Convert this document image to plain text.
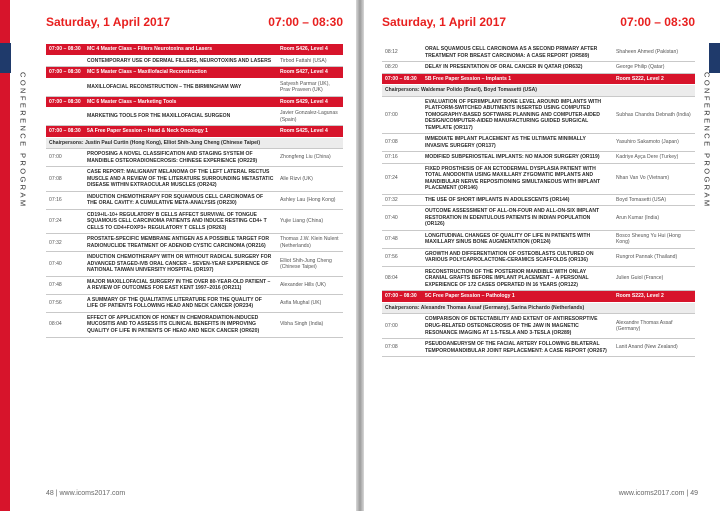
CONFERENCE PROGRAM
Saturday, 1 April 2017	07:00 – 08:30
07:00 – 08:30	MC 4 Master Class – Fillers Neurotoxins and Lasers	Room S426, Level 4
	CONTEMPORARY USE OF DERMAL FILLERS, NEUROTOXINS AND LASERS	Tirbod Fattahi (USA)
07:00 – 08:30	MC 5 Master Class – Maxillofacial Reconstruction	Room S427, Level 4
	MAXILLOFACIAL RECONSTRUCTION – THE BIRMINGHAM WAY	Satyesh Parmar (UK), Prav Praveen (UK)
07:00 – 08:30	MC 6 Master Class – Marketing Tools	Room S429, Level 4
	MARKETING TOOLS FOR THE MAXILLOFACIAL SURGEON	Javier Gonzalez-Lagunas (Spain)
07:00 – 08:30	5A Free Paper Session – Head & Neck Oncology 1	Room S425, Level 4
Chairpersons: Justin Paul Curtin (Hong Kong), Elliot Shih-Jung Cheng (Chinese Taipei)		
07:00	PROPOSING A NOVEL CLASSIFICATION AND STAGING SYSTEM OF MANDIBLE OSTEORADIONECROSIS: CHINESE EXPERIENCE (OR229)	Zhongfeng Liu (China)
07:08	CASE REPORT: MALIGNANT MELANOMA OF THE LEFT LATERAL RECTUS MUSCLE AND A REVIEW OF THE LITERATURE SURROUNDING METASTATIC DISEASE WITHIN EXTRAOCULAR MUSCLES (OR242)	Alle Rizvi (UK)
07:16	INDUCTION CHEMOTHERAPY FOR SQUAMOUS CELL CARCINOMAS OF THE ORAL CAVITY: A CUMULATIVE META-ANALYSIS (OR230)	Ashley Lau (Hong Kong)
07:24	CD19+IL-10+ REGULATORY B CELLS AFFECT SURVIVAL OF TONGUE SQUAMOUS CELL CARCINOMA PATIENTS AND INDUCE RESTING CD4+ T CELLS TO CD4+FOXP3+ REGULATORY T CELLS (OR263)	Yujie Liang (China)
07:32	PROSTATE-SPECIFIC MEMBRANE ANTIGEN AS A POSSIBLE TARGET FOR RADIONUCLIDE TREATMENT OF ADENOID CYSTIC CARCINOMA (OR216)	Thomas J.W. Klein Nulent (Netherlands)
07:40	INDUCTION CHEMOTHERAPY WITH OR WITHOUT RADICAL SURGERY FOR ADVANCED STAGED-IVB ORAL CANCER – SEVEN-YEAR EXPERIENCE OF NATIONAL TAIWAN UNIVERSITY HOSPITAL (OR197)	Elliot Shih-Jung Cheng (Chinese Taipei)
07:48	MAJOR MAXILLOFACIAL SURGERY IN THE OVER 80-YEAR-OLD PATIENT – A REVIEW OF OUTCOMES FOR EAST KENT 1997–2016 (OR211)	Alexander Hills (UK)
07:56	A SUMMARY OF THE QUALITATIVE LITERATURE FOR THE QUALITY OF LIFE OF PATIENTS FOLLOWING HEAD AND NECK CANCER (OR234)	Asfia Mughal (UK)
08:04	EFFECT OF APPLICATION OF HONEY IN CHEMORADIATION-INDUCED MUCOSITIS AND TO ASSESS ITS CLINICAL BENEFITS IN IMPROVING QUALITY OF LIFE IN PATIENTS OF HEAD AND NECK CANCER (OR620)	Vibha Singh (India)
48 | www.icoms2017.com
CONFERENCE PROGRAM
Saturday, 1 April 2017	07:00 – 08:30
08:12	ORAL SQUAMOUS CELL CARCINOMA AS A SECOND PRIMARY AFTER TREATMENT FOR BREAST CARCINOMA: A CASE REPORT (OR589)	Shaheen Ahmed (Pakistan)
08:20	DELAY IN PRESENTATION OF ORAL CANCER IN QATAR (OR632)	George Philip (Qatar)
07:00 – 08:30	5B Free Paper Session – Implants 1	Room S222, Level 2
Chairpersons: Waldemar Polido (Brazil), Boyd Tomasetti (USA)		
07:00	EVALUATION OF PERIIMPLANT BONE LEVEL AROUND IMPLANTS WITH PLATFORM-SWITCHED ABUTMENTS INSERTED USING COMPUTED TOMOGRAPHY-BASED SOFTWARE PLANNING AND COMPUTER-AIDED DESIGN/COMPUTER-AIDED MANUFACTURING GUIDED SURGICAL TEMPLATE (OR117)	Subhas Chandra Debnath (India)
07:08	IMMEDIATE IMPLANT PLACEMENT AS THE ULTIMATE MINIMALLY INVASIVE SURGERY (OR137)	Yasuhiro Sakamoto (Japan)
07:16	MODIFIED SUBPERIOSTEAL IMPLANTS: NO MAJOR SURGERY (OR119)	Kadriye Ayça Dere (Turkey)
07:24	FIXED PROSTHESIS OF AN ECTODERMAL DYSPLASIA PATIENT WITH TOTAL ANODONTIA USING MAXILLARY ZYGOMATIC IMPLANTS AND MANDIBULAR NERVE REPOSITIONING SIMULTANEOUS WITH IMPLANT PLACEMENT (OR146)	Nhan Van Vo (Vietnam)
07:32	THE USE OF SHORT IMPLANTS IN ADOLESCENTS (OR144)	Boyd Tomasetti (USA)
07:40	OUTCOME ASSESSMENT OF ALL-ON-FOUR AND ALL-ON-SIX IMPLANT RESTORATION IN EDENTULOUS PATIENTS IN INDIAN POPULATION (OR126)	Arun Kumar (India)
07:48	LONGITUDINAL CHANGES OF QUALITY OF LIFE IN PATIENTS WITH MAXILLARY SINUS BONE AUGMENTATION (OR124)	Bosco Sheung Yu Hui (Hong Kong)
07:56	GROWTH AND DIFFERENTIATION OF OSTEOBLASTS CULTURED ON VARIOUS POLYCAPROLACTONE-CERAMICS SCAFFOLDS (OR136)	Rungrot Pannak (Thailand)
08:04	RECONSTRUCTION OF THE POSTERIOR MANDIBLE WITH ONLAY CRANIAL GRAFTS BEFORE IMPLANT PLACEMENT – A PERSONAL EXPERIENCE OF 172 CASES OPERATED IN 16 YEARS (OR122)	Julien Guiol (France)
07:00 – 08:30	5C Free Paper Session – Pathology 1	Room S223, Level 2
Chairpersons: Alexandre Thomas Assaf (Germany), Sarina Pichardo (Netherlands)		
07:00	COMPARISON OF DETECTABILITY AND EXTENT OF ANTIRESORPTIVE DRUG-RELATED OSTEONECROSIS OF THE JAW IN MAGNETIC RESONANCE IMAGING AT 1.5-TESLA AND 3-TESLA (OR289)	Alexandre Thomas Assaf (Germany)
07:08	PSEUDOANEURYSM OF THE FACIAL ARTERY FOLLOWING BILATERAL TEMPOROMANDIBULAR JOINT REPLACEMENT: A CASE REPORT (OR267)	Lanit Anand (New Zealand)
www.icoms2017.com | 49
